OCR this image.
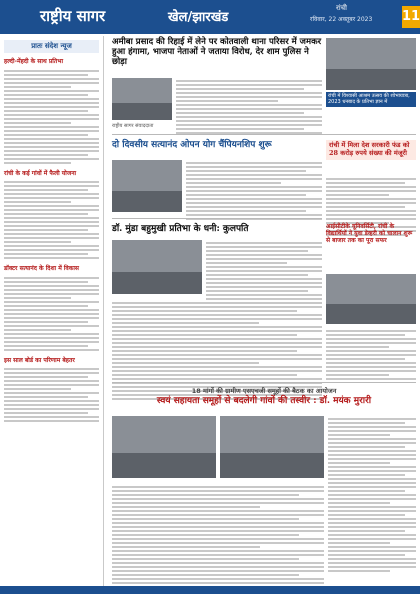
राष्ट्रीय सागर	खेल/झारखंड
रांची
रविवार, 22 अक्तूबर 2023 11
प्रातः संदेश न्यूज
हल्दी-मेंहदी के साथ प्रतिभा
रांची के कई गांवों में फैली योजना
डॉक्टर सत्यानंद के दिशा में विकास
इस साल बोर्ड का परिणाम बेहतर
अमीबा प्रसाद की रिहाई में लेने पर कोतवाली थाना परिसर में जमकर हुआ हंगामा, भाजपा नेताओं ने जताया विरोध, देर शाम पुलिस ने छोड़ा
रांची में विश्वासी आश्रम उत्सव की शोभायात्रा, 2023 धनबाद के प्रतिभा ज्ञान में
राष्ट्रीय सागर संवाददाता
दो दिवसीय सत्यानंद ओपन योग चैंपियनशिप शुरू	रांची में मिला देश सरकारी फंड को 28 करोड़ रुपये संख्या की मंजूरी
डॉ. मुंडा बहुमुखी प्रतिभा के धनी: कुलपति	आईसीटीके यूनिवर्सिटी, रांची के विद्यार्थियों ने युवा डेव्हरी को चालान शुरू से बाजार तक का पूरा सफर
18 मांगों की ग्रामीण एसएचजी समूहों की बैठक का आयोजन
स्वयं सहायता समूहों से बदलेगी गांवों की तस्वीर : डॉ. मयंक मुरारी
